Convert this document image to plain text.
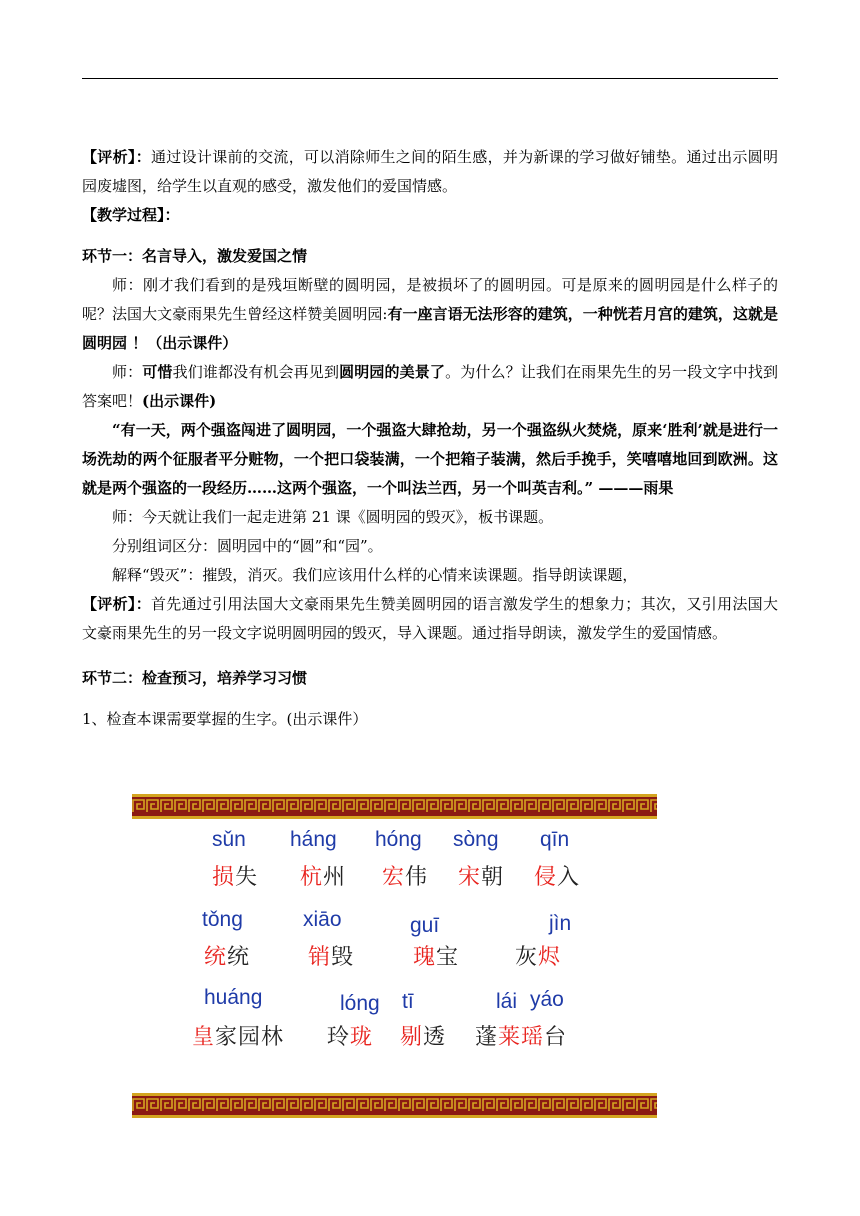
【评析】：通过设计课前的交流，可以消除师生之间的陌生感，并为新课的学习做好铺垫。通过出示圆明园废墟图，给学生以直观的感受，激发他们的爱国情感。

【教学过程】：

环节一：名言导入，激发爱国之情

师：刚才我们看到的是残垣断壁的圆明园，是被损坏了的圆明园。可是原来的圆明园是什么样子的呢？法国大文豪雨果先生曾经这样赞美圆明园:有一座言语无法形容的建筑，一种恍若月宫的建筑，这就是圆明园 ！（出示课件）

师：可惜我们谁都没有机会再见到圆明园的美景了。为什么？让我们在雨果先生的另一段文字中找到答案吧！(出示课件)

“有一天，两个强盗闯进了圆明园，一个强盗大肆抢劫，另一个强盗纵火焚烧，原来‘胜利’就是进行一场洗劫的两个征服者平分赃物，一个把口袋装满，一个把箱子装满，然后手挽手，笑嘻嘻地回到欧洲。这就是两个强盗的一段经历……这两个强盗，一个叫法兰西，另一个叫英吉利。” ———雨果

师：今天就让我们一起走进第 21 课《圆明园的毁灭》，板书课题。

分别组词区分：圆明园中的“圆”和“园”。

解释“毁灭”：摧毁，消灭。我们应该用什么样的心情来读课题。指导朗读课题，

【评析】：首先通过引用法国大文豪雨果先生赞美圆明园的语言激发学生的想象力；其次，又引用法国大文豪雨果先生的另一段文字说明圆明园的毁灭，导入课题。通过指导朗读，激发学生的爱国情感。

环节二：检查预习，培养学习习惯

1、检查本课需要掌握的生字。(出示课件）

sǔn háng hóng sòng qīn
损失 杭州 宏伟 宋朝 侵入
tǒng	xiāo	guī	jìn
统统	销毁	瑰宝	灰烬
huáng	lóng tī	lái yáo
皇家园林 玲珑 剔透 蓬莱瑶台
